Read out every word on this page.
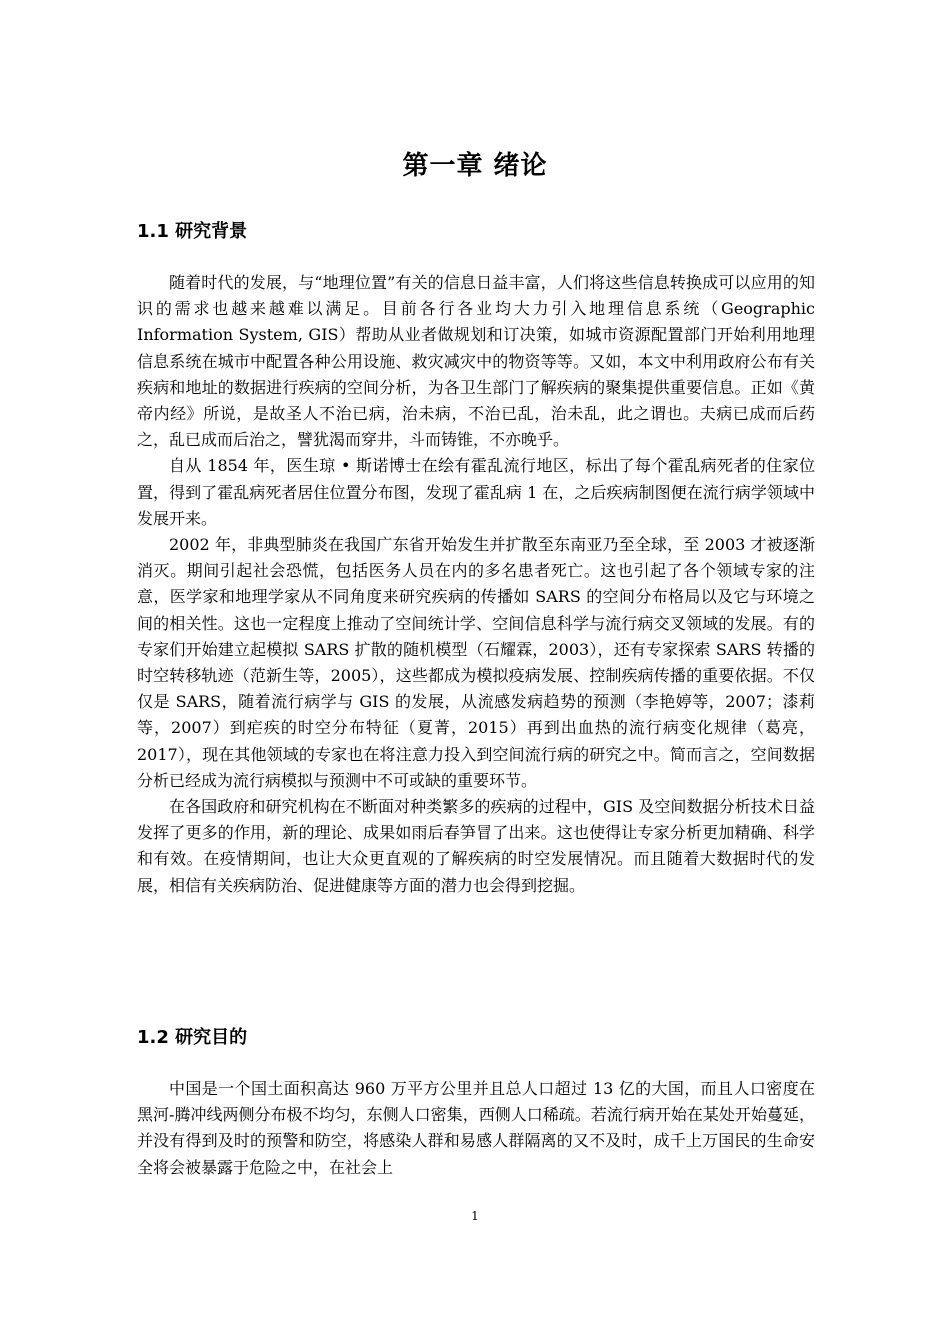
第一章 绪论
1.1 研究背景

随着时代的发展，与“地理位置”有关的信息日益丰富，人们将这些信息转换成可以应用的知识的需求也越来越难以满足。目前各行各业均大力引入地理信息系统（Geographic Information System, GIS）帮助从业者做规划和订决策，如城市资源配置部门开始利用地理信息系统在城市中配置各种公用设施、救灾减灾中的物资等等。又如，本文中利用政府公布有关疾病和地址的数据进行疾病的空间分析，为各卫生部门了解疾病的聚集提供重要信息。正如《黄帝内经》所说，是故圣人不治已病，治未病，不治已乱，治未乱，此之谓也。夫病已成而后药之，乱已成而后治之，譬犹渴而穿井，斗而铸锥，不亦晚乎。

自从 1854 年，医生琼 • 斯诺博士在绘有霍乱流行地区，标出了每个霍乱病死者的住家位置，得到了霍乱病死者居住位置分布图，发现了霍乱病 1 在，之后疾病制图便在流行病学领域中发展开来。

2002 年，非典型肺炎在我国广东省开始发生并扩散至东南亚乃至全球，至 2003 才被逐渐消灭。期间引起社会恐慌，包括医务人员在内的多名患者死亡。这也引起了各个领域专家的注意，医学家和地理学家从不同角度来研究疾病的传播如 SARS 的空间分布格局以及它与环境之间的相关性。这也一定程度上推动了空间统计学、空间信息科学与流行病交叉领域的发展。有的专家们开始建立起模拟 SARS 扩散的随机模型（石耀霖，2003），还有专家探索 SARS 转播的时空转移轨迹（范新生等，2005），这些都成为模拟疫病发展、控制疾病传播的重要依据。不仅仅是 SARS，随着流行病学与 GIS 的发展，从流感发病趋势的预测（李艳婷等，2007；漆莉等，2007）到疟疾的时空分布特征（夏菁，2015）再到出血热的流行病变化规律（葛亮，2017），现在其他领域的专家也在将注意力投入到空间流行病的研究之中。简而言之，空间数据分析已经成为流行病模拟与预测中不可或缺的重要环节。

在各国政府和研究机构在不断面对种类繁多的疾病的过程中，GIS 及空间数据分析技术日益发挥了更多的作用，新的理论、成果如雨后春笋冒了出来。这也使得让专家分析更加精确、科学和有效。在疫情期间，也让大众更直观的了解疾病的时空发展情况。而且随着大数据时代的发展，相信有关疾病防治、促进健康等方面的潜力也会得到挖掘。

1.2 研究目的

中国是一个国土面积高达 960 万平方公里并且总人口超过 13 亿的大国，而且人口密度在黑河-腾冲线两侧分布极不均匀，东侧人口密集，西侧人口稀疏。若流行病开始在某处开始蔓延，并没有得到及时的预警和防空，将感染人群和易感人群隔离的又不及时，成千上万国民的生命安全将会被暴露于危险之中，在社会上

1
